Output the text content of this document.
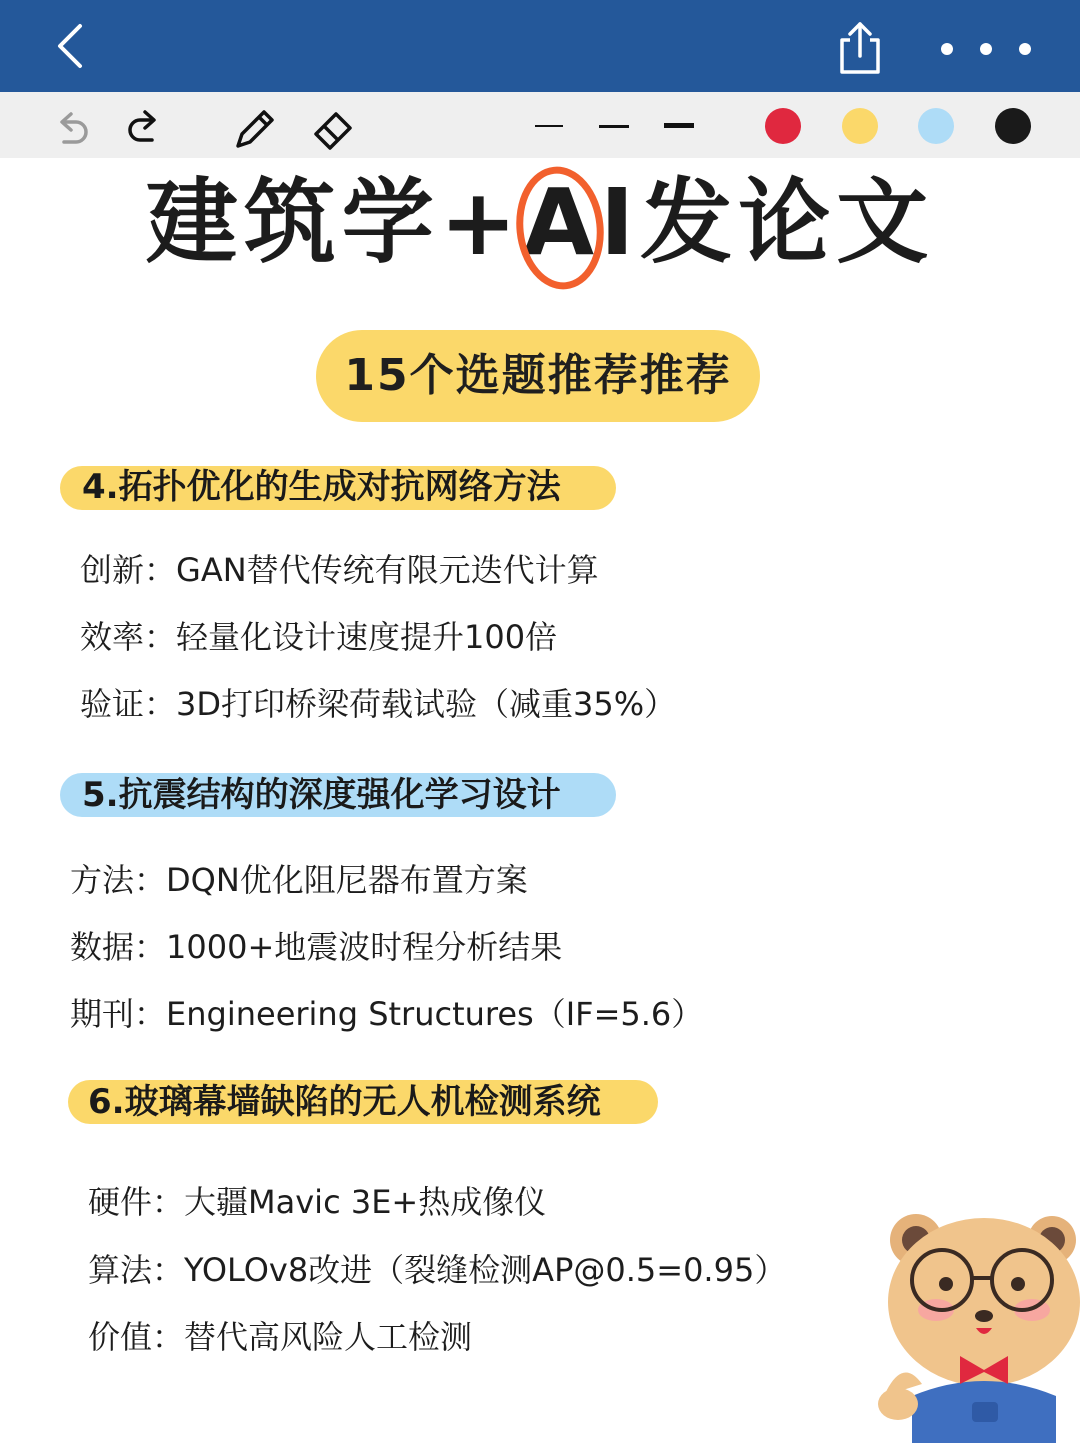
建筑学+AI发论文
15个选题推荐推荐
4.拓扑优化的生成对抗网络方法
创新：GAN替代传统有限元迭代计算
效率：轻量化设计速度提升100倍
验证：3D打印桥梁荷载试验（减重35%）
5.抗震结构的深度强化学习设计
方法：DQN优化阻尼器布置方案
数据：1000+地震波时程分析结果
期刊：Engineering Structures（IF=5.6）
6.玻璃幕墙缺陷的无人机检测系统
硬件：大疆Mavic 3E+热成像仪
算法：YOLOv8改进（裂缝检测AP@0.5=0.95）
价值：替代高风险人工检测
